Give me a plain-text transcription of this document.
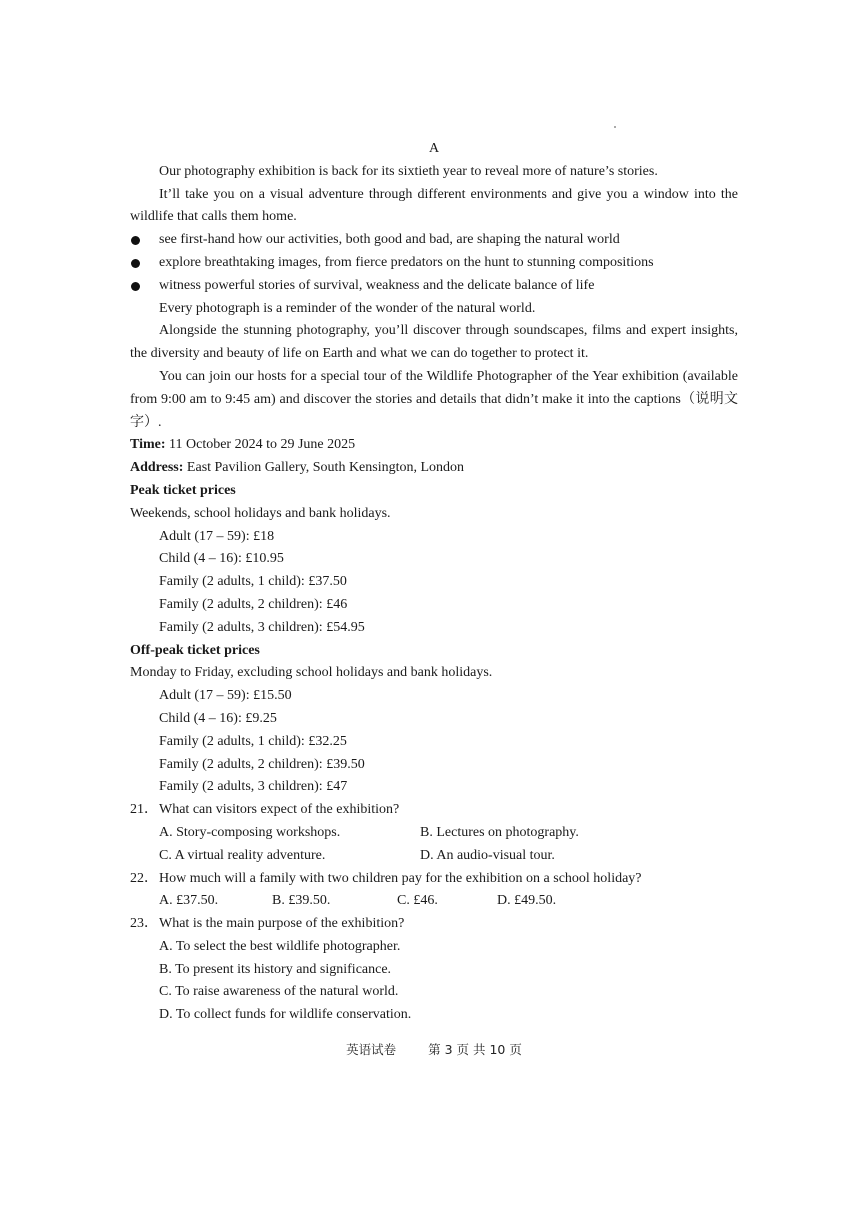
A

Our photography exhibition is back for its sixtieth year to reveal more of nature’s stories.

It’ll take you on a visual adventure through different environments and give you a window into the wildlife that calls them home.

see first-hand how our activities, both good and bad, are shaping the natural world
explore breathtaking images, from fierce predators on the hunt to stunning compositions
witness powerful stories of survival, weakness and the delicate balance of life

Every photograph is a reminder of the wonder of the natural world.

Alongside the stunning photography, you’ll discover through soundscapes, films and expert insights, the diversity and beauty of life on Earth and what we can do together to protect it.

You can join our hosts for a special tour of the Wildlife Photographer of the Year exhibition (available from 9:00 am to 9:45 am) and discover the stories and details that didn’t make it into the captions（说明文字）.

Time: 11 October 2024 to 29 June 2025

Address: East Pavilion Gallery, South Kensington, London

Peak ticket prices

Weekends, school holidays and bank holidays.

Adult (17 – 59): £18

Child (4 – 16): £10.95

Family (2 adults, 1 child): £37.50

Family (2 adults, 2 children): £46

Family (2 adults, 3 children): £54.95

Off-peak ticket prices

Monday to Friday, excluding school holidays and bank holidays.

Adult (17 – 59): £15.50

Child (4 – 16): £9.25

Family (2 adults, 1 child): £32.25

Family (2 adults, 2 children): £39.50

Family (2 adults, 3 children): £47

21． What can visitors expect of the exhibition?
A. Story-composing workshops.	B. Lectures on photography.
C. A virtual reality adventure.	D. An audio-visual tour.
22． How much will a family with two children pay for the exhibition on a school holiday?
A. £37.50.	B. £39.50.	C. £46.	D. £49.50.
23． What is the main purpose of the exhibition?

A. To select the best wildlife photographer.

B. To present its history and significance.

C. To raise awareness of the natural world.

D. To collect funds for wildlife conservation.

英语试卷	第 3 页 共 10 页
